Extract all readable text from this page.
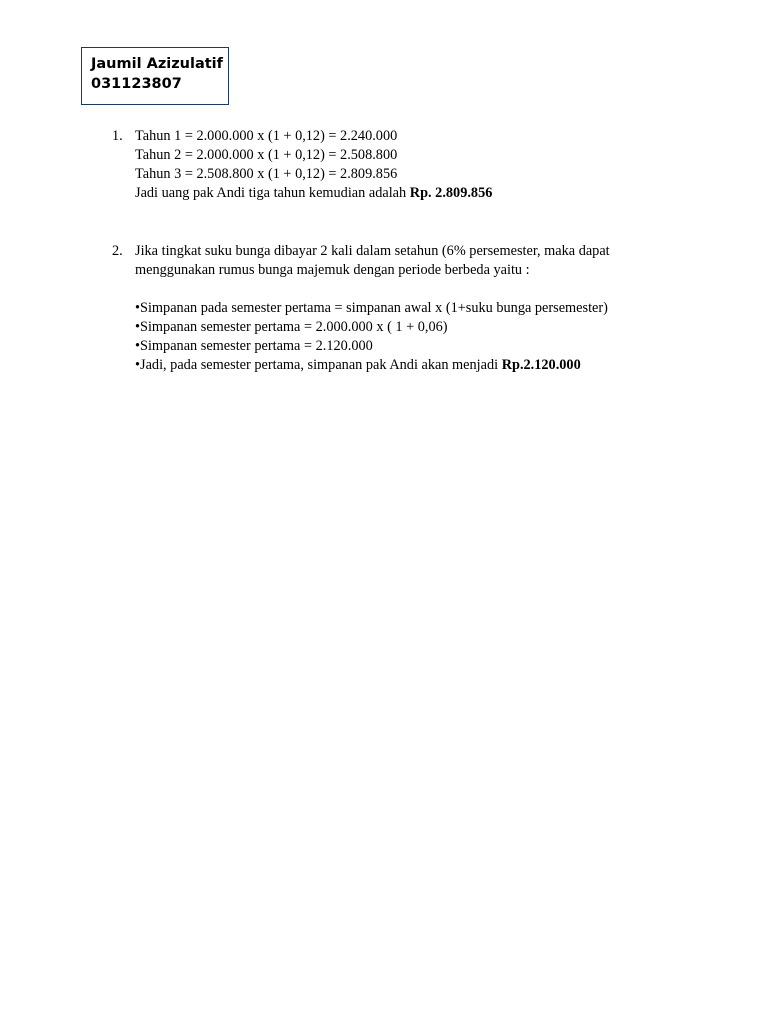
Jaumil Azizulatif
031123807
1. Tahun 1 = 2.000.000 x (1 + 0,12) = 2.240.000
Tahun 2 = 2.000.000 x (1 + 0,12) = 2.508.800
Tahun 3 = 2.508.800 x (1 + 0,12) = 2.809.856
Jadi uang pak Andi tiga tahun kemudian adalah Rp. 2.809.856
2. Jika tingkat suku bunga dibayar 2 kali dalam setahun (6% persemester, maka dapat
menggunakan rumus bunga majemuk dengan periode berbeda yaitu :
•Simpanan pada semester pertama = simpanan awal x (1+suku bunga persemester)
•Simpanan semester pertama = 2.000.000 x ( 1 + 0,06)
•Simpanan semester pertama = 2.120.000
•Jadi, pada semester pertama, simpanan pak Andi akan menjadi Rp.2.120.000
